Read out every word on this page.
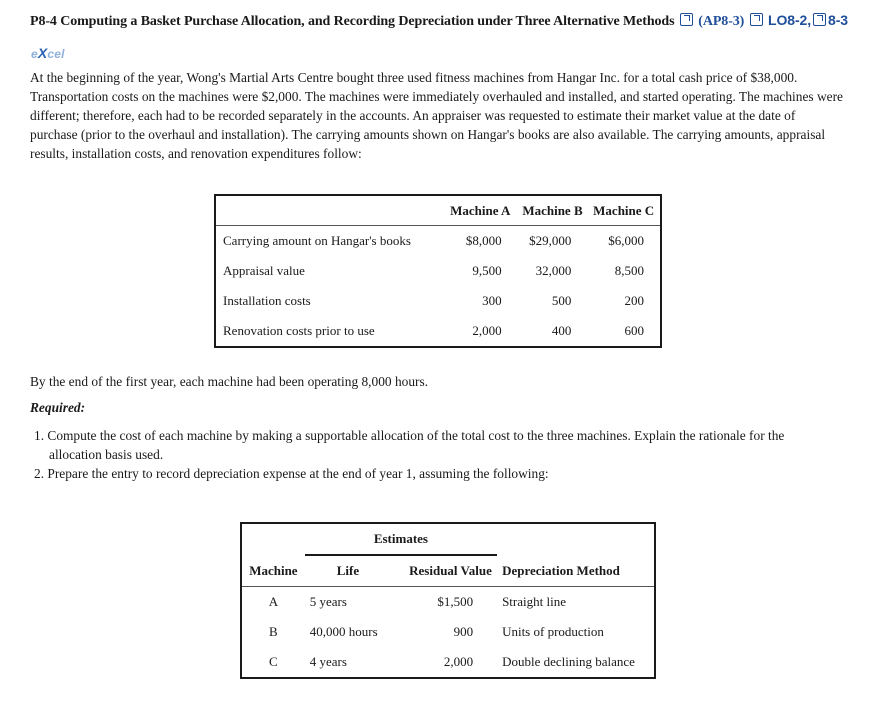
P8-4 Computing a Basket Purchase Allocation, and Recording Depreciation under Three Alternative Methods (AP8-3) LO8-2, 8-3
eXcel
At the beginning of the year, Wong's Martial Arts Centre bought three used fitness machines from Hangar Inc. for a total cash price of $38,000. Transportation costs on the machines were $2,000. The machines were immediately overhauled and installed, and started operating. The machines were different; therefore, each had to be recorded separately in the accounts. An appraiser was requested to estimate their market value at the date of purchase (prior to the overhaul and installation). The carrying amounts shown on Hangar's books are also available. The carrying amounts, appraisal results, installation costs, and renovation expenditures follow:
	Machine A	Machine B	Machine C
Carrying amount on Hangar's books	$8,000	$29,000	$6,000
Appraisal value	9,500	32,000	8,500
Installation costs	300	500	200
Renovation costs prior to use	2,000	400	600
By the end of the first year, each machine had been operating 8,000 hours.
Required:
1. Compute the cost of each machine by making a supportable allocation of the total cost to the three machines. Explain the rationale for the allocation basis used.
2. Prepare the entry to record depreciation expense at the end of year 1, assuming the following:
	Estimates		
Machine	Life	Residual Value	Depreciation Method
A	5 years	$1,500	Straight line
B	40,000 hours	900	Units of production
C	4 years	2,000	Double declining balance
